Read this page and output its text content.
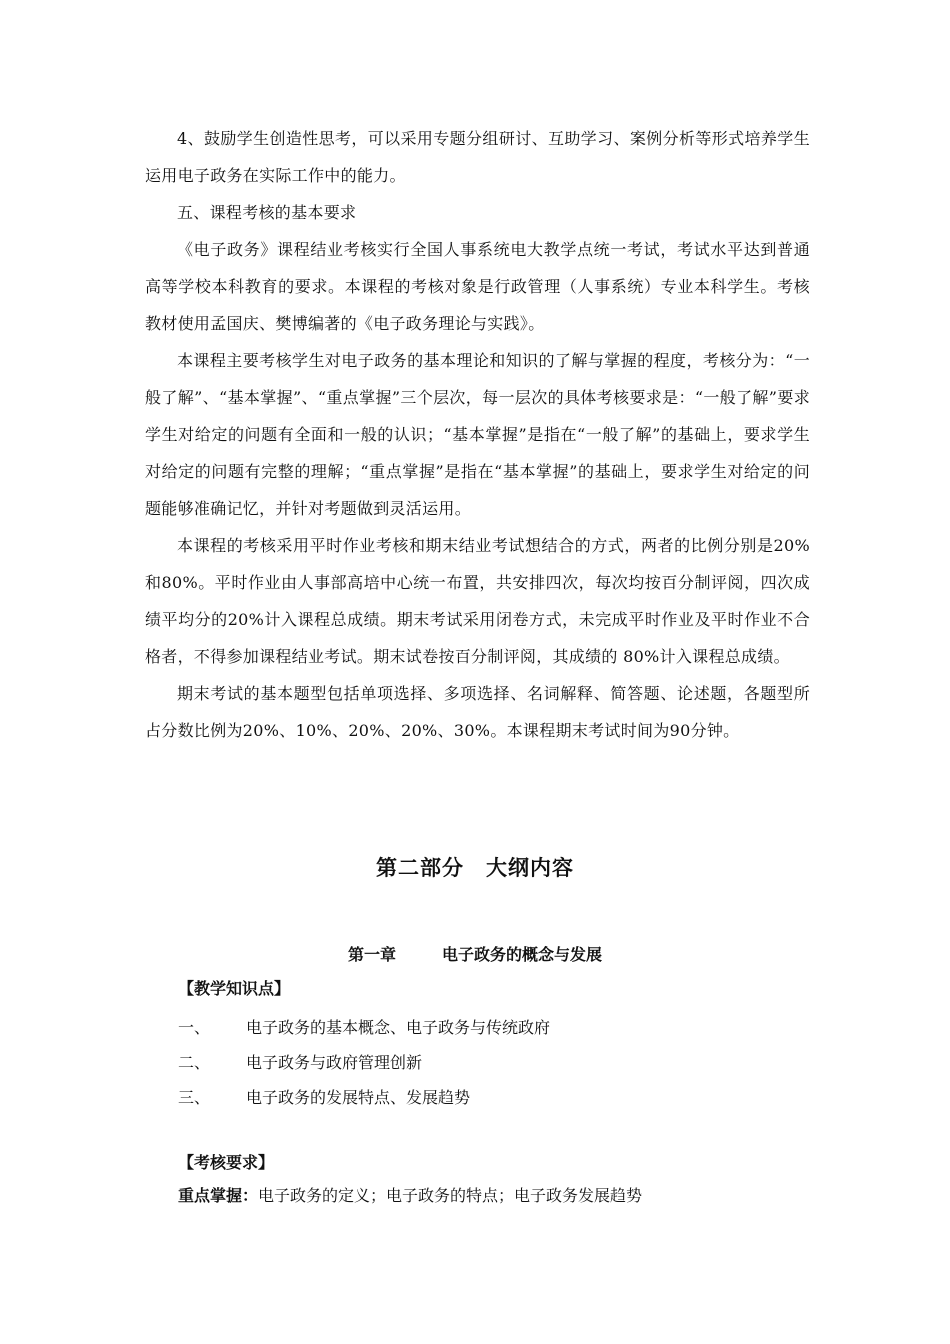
4、鼓励学生创造性思考，可以采用专题分组研讨、互助学习、案例分析等形式培养学生运用电子政务在实际工作中的能力。

五、课程考核的基本要求

《电子政务》课程结业考核实行全国人事系统电大教学点统一考试，考试水平达到普通高等学校本科教育的要求。本课程的考核对象是行政管理（人事系统）专业本科学生。考核教材使用孟国庆、樊博编著的《电子政务理论与实践》。

本课程主要考核学生对电子政务的基本理论和知识的了解与掌握的程度，考核分为：“一般了解”、“基本掌握”、“重点掌握”三个层次，每一层次的具体考核要求是：“一般了解”要求学生对给定的问题有全面和一般的认识；“基本掌握”是指在“一般了解”的基础上，要求学生对给定的问题有完整的理解；“重点掌握”是指在“基本掌握”的基础上，要求学生对给定的问题能够准确记忆，并针对考题做到灵活运用。

本课程的考核采用平时作业考核和期末结业考试想结合的方式，两者的比例分别是20%和80%。平时作业由人事部高培中心统一布置，共安排四次，每次均按百分制评阅，四次成绩平均分的20%计入课程总成绩。期末考试采用闭卷方式，未完成平时作业及平时作业不合格者，不得参加课程结业考试。期末试卷按百分制评阅，其成绩的 80%计入课程总成绩。

期末考试的基本题型包括单项选择、多项选择、名词解释、简答题、论述题，各题型所占分数比例为20%、10%、20%、20%、30%。本课程期末考试时间为90分钟。

第二部分 大纲内容
第一章	电子政务的概念与发展
【教学知识点】
一、	电子政务的基本概念、电子政务与传统政府
二、	电子政务与政府管理创新
三、	电子政务的发展特点、发展趋势
【考核要求】
重点掌握：电子政务的定义；电子政务的特点；电子政务发展趋势
